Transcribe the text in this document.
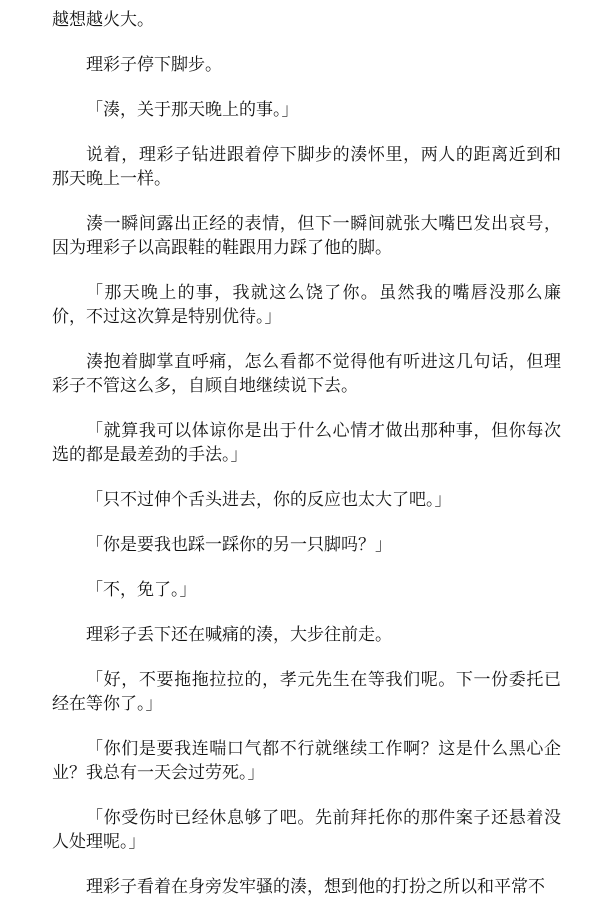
越想越火大。

理彩子停下脚步。

「湊，关于那天晚上的事。」

说着，理彩子钻进跟着停下脚步的湊怀里，两人的距离近到和那天晚上一样。

湊一瞬间露出正经的表情，但下一瞬间就张大嘴巴发出哀号，因为理彩子以高跟鞋的鞋跟用力踩了他的脚。

「那天晚上的事，我就这么饶了你。虽然我的嘴唇没那么廉价，不过这次算是特别优待。」

湊抱着脚掌直呼痛，怎么看都不觉得他有听进这几句话，但理彩子不管这么多，自顾自地继续说下去。

「就算我可以体谅你是出于什么心情才做出那种事，但你每次选的都是最差劲的手法。」

「只不过伸个舌头进去，你的反应也太大了吧。」

「你是要我也踩一踩你的另一只脚吗？」

「不，免了。」

理彩子丢下还在喊痛的湊，大步往前走。

「好，不要拖拖拉拉的，孝元先生在等我们呢。下一份委托已经在等你了。」

「你们是要我连喘口气都不行就继续工作啊？这是什么黑心企业？我总有一天会过劳死。」

「你受伤时已经休息够了吧。先前拜托你的那件案子还悬着没人处理呢。」

理彩子看着在身旁发牢骚的湊，想到他的打扮之所以和平常不
